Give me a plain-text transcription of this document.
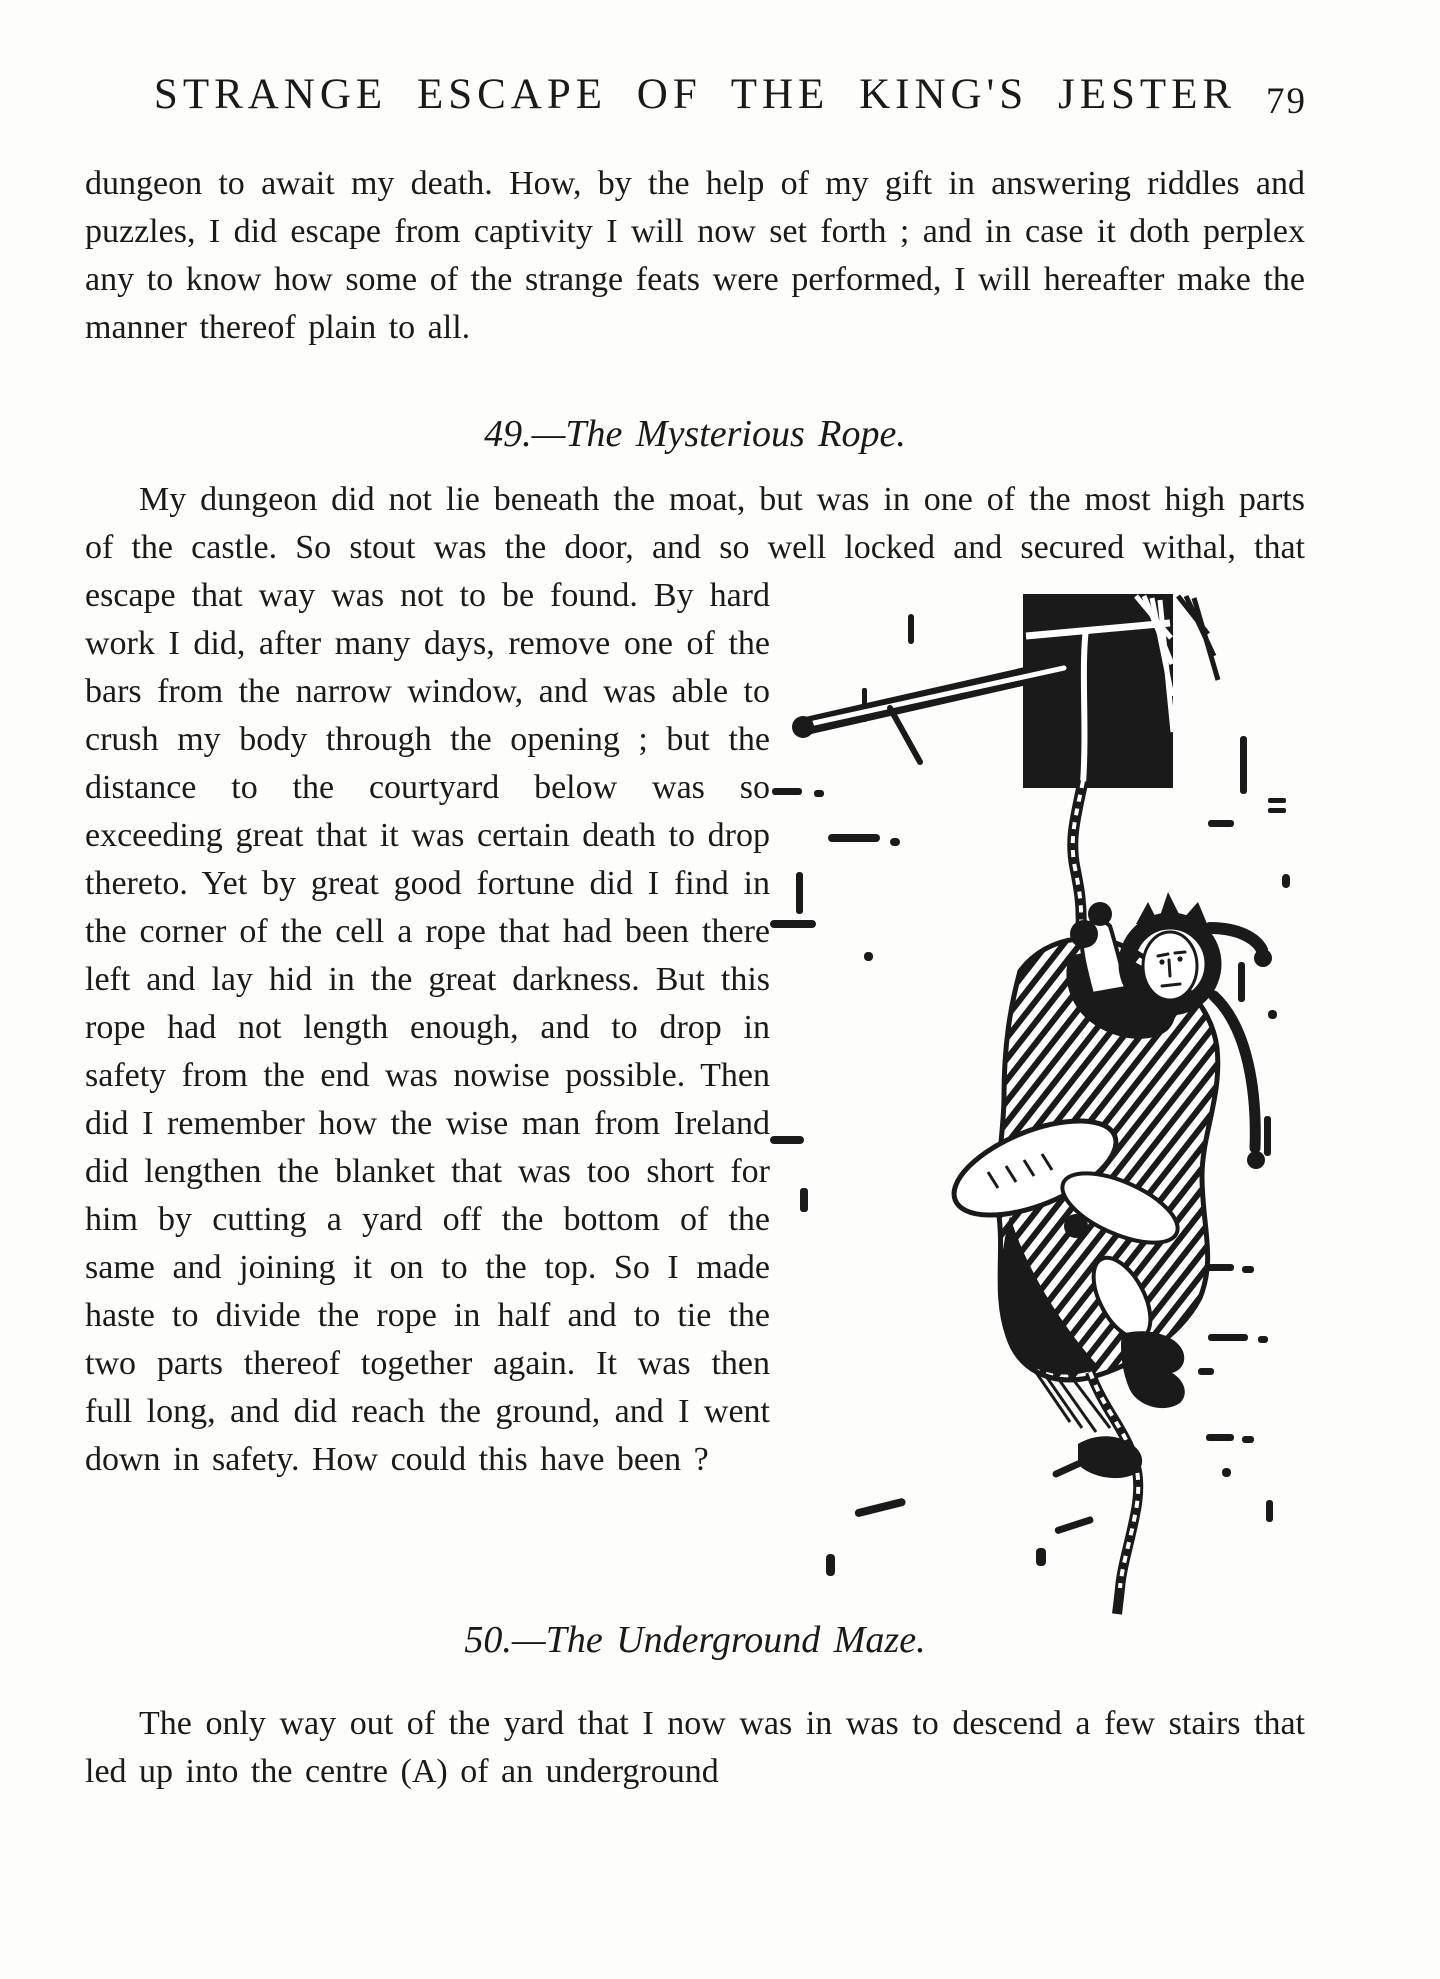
STRANGE ESCAPE OF THE KING'S JESTER 79

dungeon to await my death. How, by the help of my gift in answering riddles and puzzles, I did escape from captivity I will now set forth ; and in case it doth perplex any to know how some of the strange feats were performed, I will hereafter make the manner thereof plain to all.

49.—The Mysterious Rope.

My dungeon did not lie beneath the moat, but was in one of the most high parts of the castle. So stout was the door, and so well locked and secured withal, that escape that way was not to be found. By hard work I did, after many days, remove one of the bars from the narrow window, and was able to crush my body through the opening ; but the distance to the courtyard below was so exceeding great that it was certain death to drop thereto. Yet by great good fortune did I find in the corner of the cell a rope that had been there left and lay hid in the great darkness. But this rope had not length enough, and to drop in safety from the end was nowise possible. Then did I remember how the wise man from Ireland did lengthen the blanket that was too short for him by cutting a yard off the bottom of the same and joining it on to the top. So I made haste to divide the rope in half and to tie the two parts thereof together again. It was then full long, and did reach the ground, and I went down in safety. How could this have been ?

50.—The Underground Maze.

The only way out of the yard that I now was in was to descend a few stairs that led up into the centre (A) of an underground
